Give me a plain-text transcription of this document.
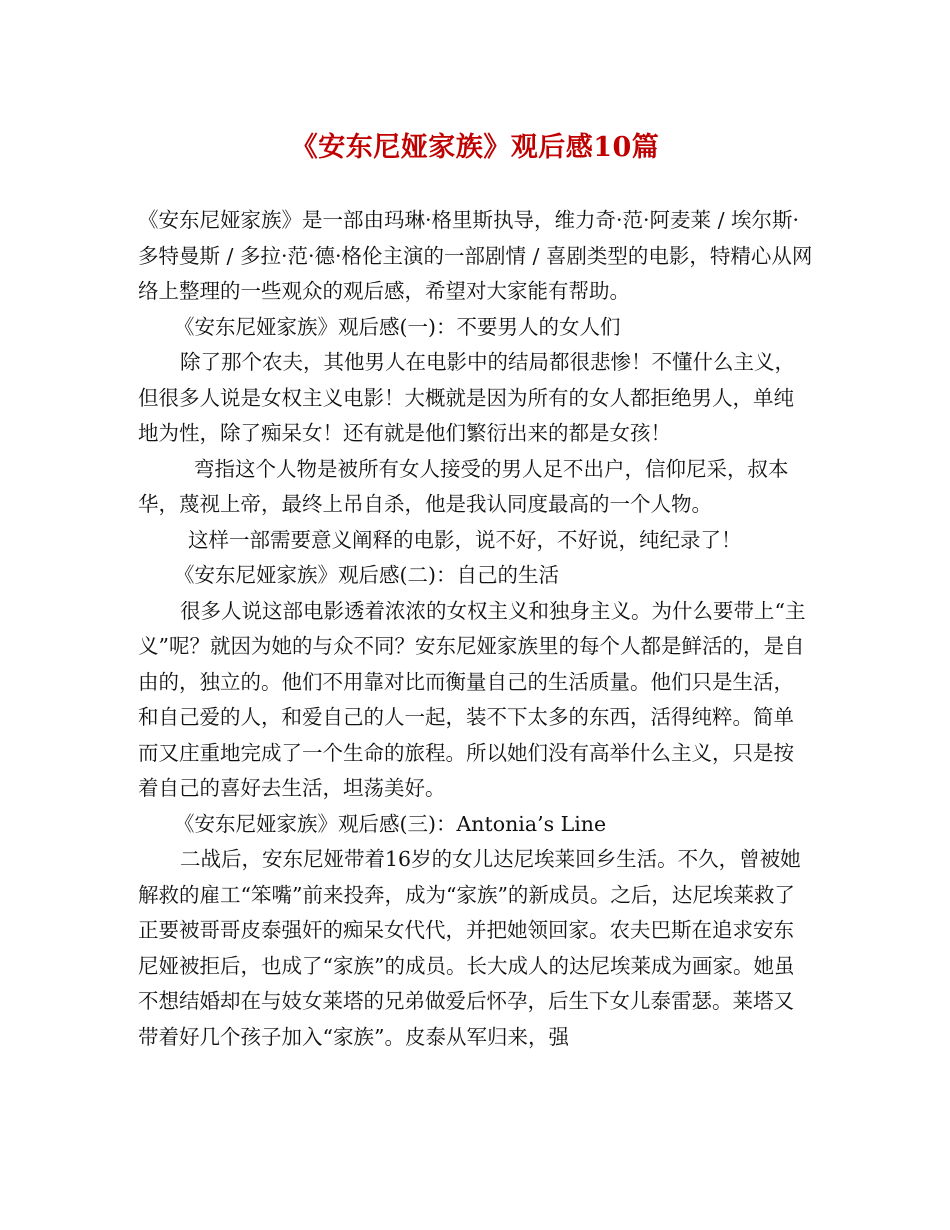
《安东尼娅家族》观后感10篇

《安东尼娅家族》是一部由玛琳·格里斯执导，维力奇·范·阿麦莱 / 埃尔斯·多特曼斯 / 多拉·范·德·格伦主演的一部剧情 / 喜剧类型的电影，特精心从网络上整理的一些观众的观后感，希望对大家能有帮助。

《安东尼娅家族》观后感(一)：不要男人的女人们

除了那个农夫，其他男人在电影中的结局都很悲惨！不懂什么主义，但很多人说是女权主义电影！大概就是因为所有的女人都拒绝男人，单纯地为性，除了痴呆女！还有就是他们繁衍出来的都是女孩！

弯指这个人物是被所有女人接受的男人足不出户，信仰尼采，叔本华，蔑视上帝，最终上吊自杀，他是我认同度最高的一个人物。

这样一部需要意义阐释的电影，说不好，不好说，纯纪录了！

《安东尼娅家族》观后感(二)：自己的生活

很多人说这部电影透着浓浓的女权主义和独身主义。为什么要带上“主义”呢？就因为她的与众不同？安东尼娅家族里的每个人都是鲜活的，是自由的，独立的。他们不用靠对比而衡量自己的生活质量。他们只是生活，和自己爱的人，和爱自己的人一起，装不下太多的东西，活得纯粹。简单而又庄重地完成了一个生命的旅程。所以她们没有高举什么主义，只是按着自己的喜好去生活，坦荡美好。

《安东尼娅家族》观后感(三)：Antonia’s Line

二战后，安东尼娅带着16岁的女儿达尼埃莱回乡生活。不久，曾被她解救的雇工“笨嘴”前来投奔，成为“家族”的新成员。之后，达尼埃莱救了正要被哥哥皮泰强奸的痴呆女代代，并把她领回家。农夫巴斯在追求安东尼娅被拒后，也成了“家族”的成员。长大成人的达尼埃莱成为画家。她虽不想结婚却在与妓女莱塔的兄弟做爱后怀孕，后生下女儿泰雷瑟。莱塔又带着好几个孩子加入“家族”。皮泰从军归来，强
